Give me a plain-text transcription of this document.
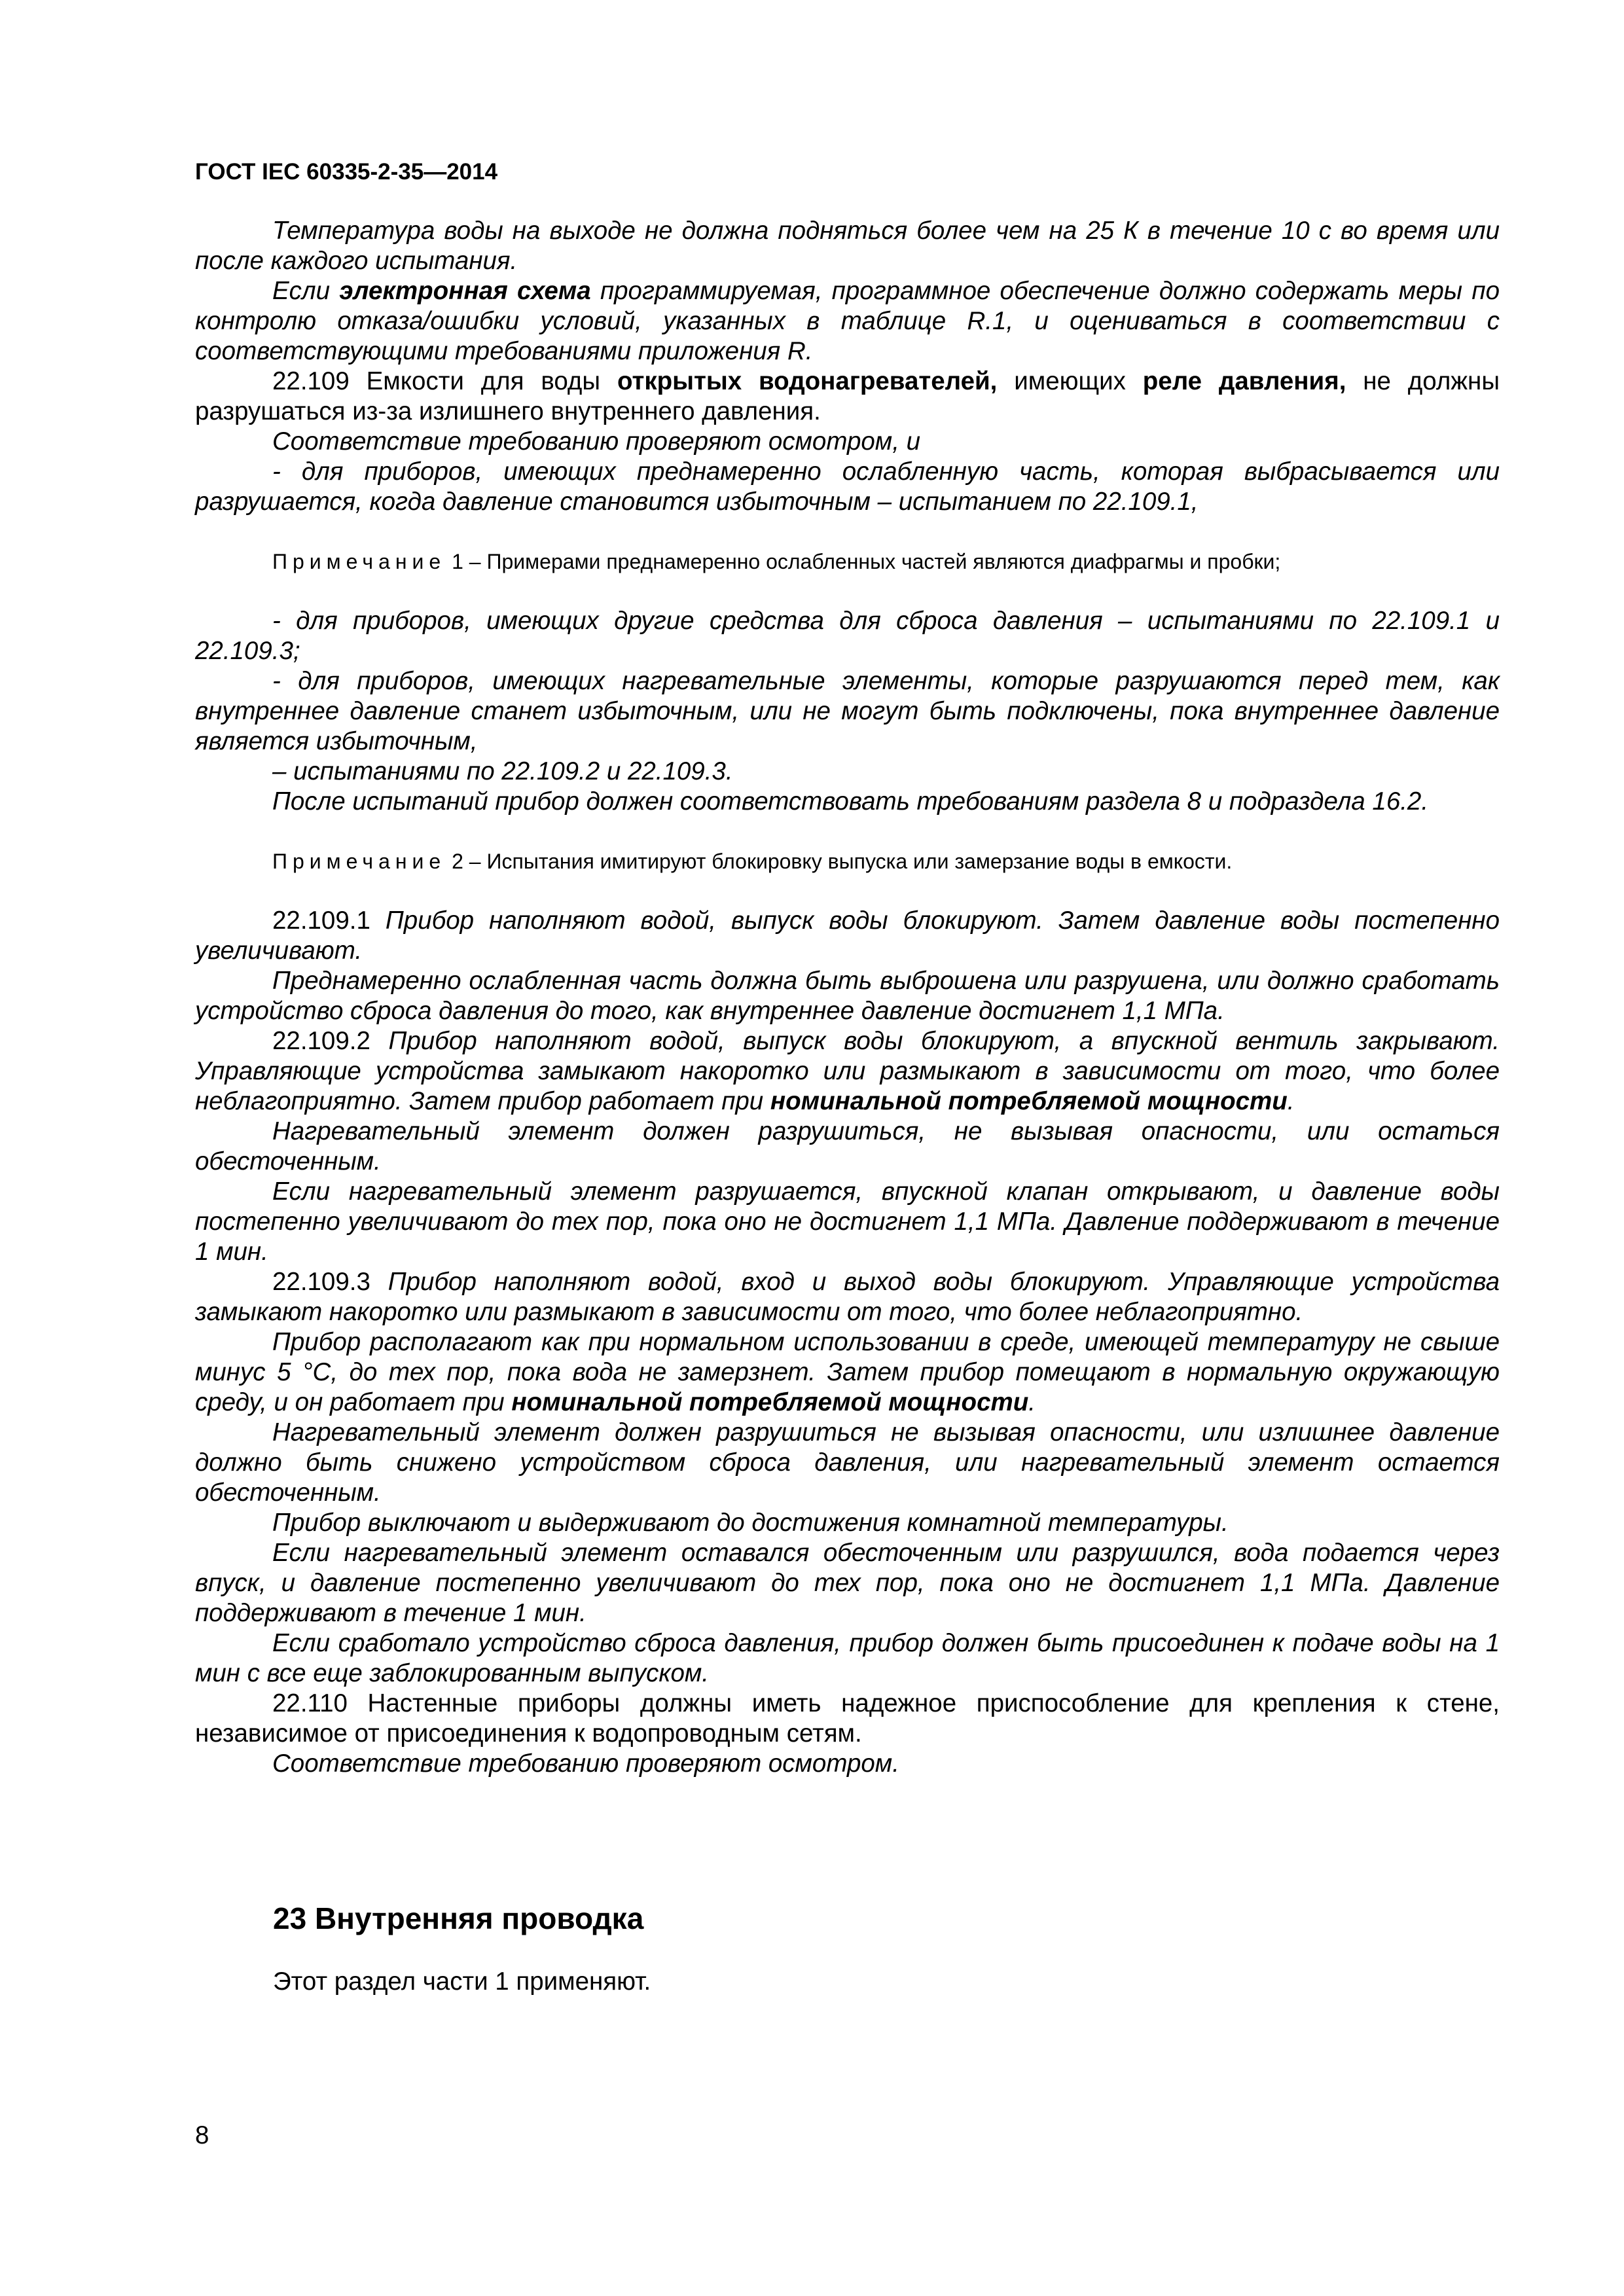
ГОСТ IEC 60335-2-35—2014

Температура воды на выходе не должна подняться более чем на 25 К в течение 10 с во время или после каждого испытания.

Если электронная схема программируемая, программное обеспечение должно содержать меры по контролю отказа/ошибки условий, указанных в таблице R.1, и оцениваться в соответствии с соответствующими требованиями приложения R.

22.109 Емкости для воды открытых водонагревателей, имеющих реле давления, не должны разрушаться из-за излишнего внутреннего давления.

Соответствие требованию проверяют осмотром, и

- для приборов, имеющих преднамеренно ослабленную часть, которая выбрасывается или разрушается, когда давление становится избыточным – испытанием по 22.109.1,

Примечание 1 – Примерами преднамеренно ослабленных частей являются диафрагмы и пробки;

- для приборов, имеющих другие средства для сброса давления – испытаниями по 22.109.1 и 22.109.3;

- для приборов, имеющих нагревательные элементы, которые разрушаются перед тем, как внутреннее давление станет избыточным, или не могут быть подключены, пока внутреннее давление является избыточным,

– испытаниями по 22.109.2 и 22.109.3.

После испытаний прибор должен соответствовать требованиям раздела 8 и подраздела 16.2.

Примечание 2 – Испытания имитируют блокировку выпуска или замерзание воды в емкости.

22.109.1 Прибор наполняют водой, выпуск воды блокируют. Затем давление воды постепенно увеличивают.

Преднамеренно ослабленная часть должна быть выброшена или разрушена, или должно сработать устройство сброса давления до того, как внутреннее давление достигнет 1,1 МПа.

22.109.2 Прибор наполняют водой, выпуск воды блокируют, а впускной вентиль закрывают. Управляющие устройства замыкают накоротко или размыкают в зависимости от того, что более неблагоприятно. Затем прибор работает при номинальной потребляемой мощности.

Нагревательный элемент должен разрушиться, не вызывая опасности, или остаться обесточенным.

Если нагревательный элемент разрушается, впускной клапан открывают, и давление воды постепенно увеличивают до тех пор, пока оно не достигнет 1,1 МПа. Давление поддерживают в течение 1 мин.

22.109.3 Прибор наполняют водой, вход и выход воды блокируют. Управляющие устройства замыкают накоротко или размыкают в зависимости от того, что более неблагоприятно.

Прибор располагают как при нормальном использовании в среде, имеющей температуру не свыше минус 5 °С, до тех пор, пока вода не замерзнет. Затем прибор помещают в нормальную окружающую среду, и он работает при номинальной потребляемой мощности.

Нагревательный элемент должен разрушиться не вызывая опасности, или излишнее давление должно быть снижено устройством сброса давления, или нагревательный элемент остается обесточенным.

Прибор выключают и выдерживают до достижения комнатной температуры.

Если нагревательный элемент оставался обесточенным или разрушился, вода подается через впуск, и давление постепенно увеличивают до тех пор, пока оно не достигнет 1,1 МПа. Давление поддерживают в течение 1 мин.

Если сработало устройство сброса давления, прибор должен быть присоединен к подаче воды на 1 мин с все еще заблокированным выпуском.

22.110 Настенные приборы должны иметь надежное приспособление для крепления к стене, независимое от присоединения к водопроводным сетям.

Соответствие требованию проверяют осмотром.

23 Внутренняя проводка
Этот раздел части 1 применяют.
8
